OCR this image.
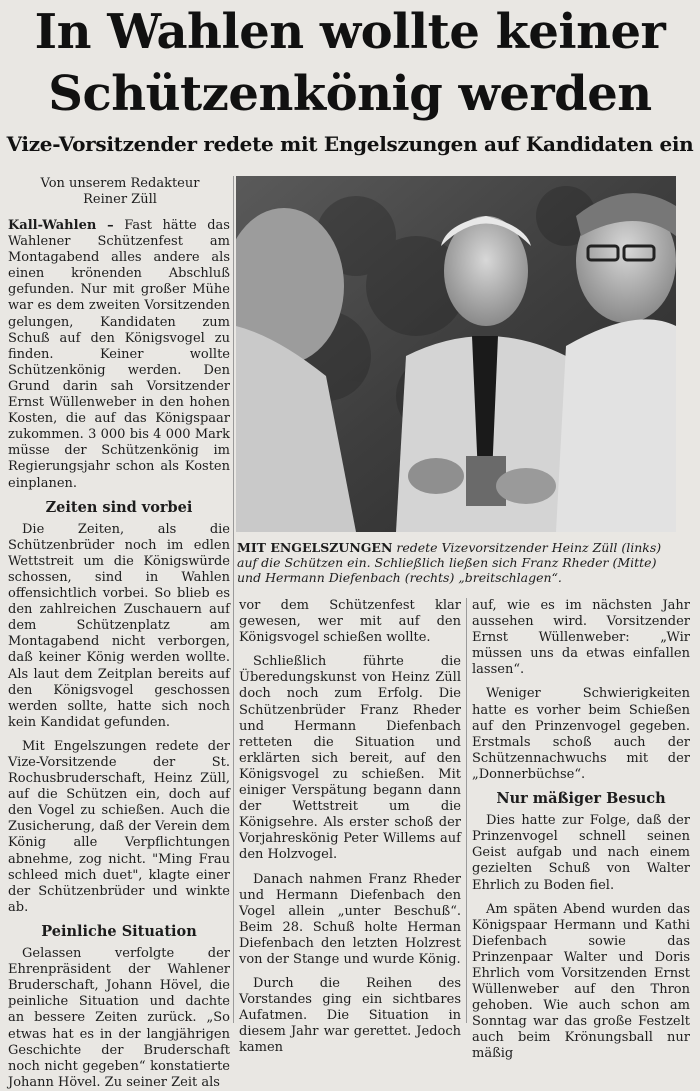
In Wahlen wollte keiner
Schützenkönig werden
Vize-Vorsitzender redete mit Engelszungen auf Kandidaten ein
Von unserem Redakteur
Reiner Züll
MIT ENGELSZUNGEN redete Vizevorsitzender Heinz Züll (links) auf die Schützen ein. Schließlich ließen sich Franz Rheder (Mitte) und Hermann Diefenbach (rechts) „breitschlagen“.

Kall-Wahlen – Fast hätte das Wahlener Schützenfest am Montagabend alles andere als einen krönenden Abschluß gefunden. Nur mit großer Mühe war es dem zweiten Vorsitzenden gelungen, Kandidaten zum Schuß auf den Königsvogel zu finden. Keiner wollte Schützenkönig werden. Den Grund darin sah Vorsitzender Ernst Wüllenweber in den hohen Kosten, die auf das Königspaar zukommen. 3 000 bis 4 000 Mark müsse der Schützenkönig im Regierungsjahr schon als Kosten einplanen.

Zeiten sind vorbei

Die Zeiten, als die Schützenbrüder noch im edlen Wettstreit um die Königswürde schossen, sind in Wahlen offensichtlich vorbei. So blieb es den zahlreichen Zuschauern auf dem Schützenplatz am Montagabend nicht verborgen, daß keiner König werden wollte. Als laut dem Zeitplan bereits auf den Königsvogel geschossen werden sollte, hatte sich noch kein Kandidat gefunden.

Mit Engelszungen redete der Vize-Vorsitzende der St. Rochusbruderschaft, Heinz Züll, auf die Schützen ein, doch auf den Vogel zu schießen. Auch die Zusicherung, daß der Verein dem König alle Verpflichtungen abnehme, zog nicht. "Ming Frau schleed mich duet", klagte einer der Schützenbrüder und winkte ab.

Peinliche Situation

Gelassen verfolgte der Ehrenpräsident der Wahlener Bruderschaft, Johann Hövel, die peinliche Situation und dachte an bessere Zeiten zurück. „So etwas hat es in der langjährigen Geschichte der Bruderschaft noch nicht gegeben“ konstatierte Johann Hövel. Zu seiner Zeit als

vor dem Schützenfest klar gewesen, wer mit auf den Königsvogel schießen wollte.

Schließlich führte die Überedungskunst von Heinz Züll doch noch zum Erfolg. Die Schützenbrüder Franz Rheder und Hermann Diefenbach retteten die Situation und erklärten sich bereit, auf den Königsvogel zu schießen. Mit einiger Verspätung begann dann der Wettstreit um die Königsehre. Als erster schoß der Vorjahreskönig Peter Willems auf den Holzvogel.

Danach nahmen Franz Rheder und Hermann Diefenbach den Vogel allein „unter Beschuß“. Beim 28. Schuß holte Herman Diefenbach den letzten Holzrest von der Stange und wurde König.

Durch die Reihen des Vorstandes ging ein sichtbares Aufatmen. Die Situation in diesem Jahr war gerettet. Jedoch kamen

auf, wie es im nächsten Jahr aussehen wird. Vorsitzender Ernst Wüllenweber: „Wir müssen uns da etwas einfallen lassen“.

Weniger Schwierigkeiten hatte es vorher beim Schießen auf den Prinzenvogel gegeben. Erstmals schoß auch der Schützennachwuchs mit der „Donnerbüchse“.

Nur mäßiger Besuch

Dies hatte zur Folge, daß der Prinzenvogel schnell seinen Geist aufgab und nach einem gezielten Schuß von Walter Ehrlich zu Boden fiel.

Am späten Abend wurden das Königspaar Hermann und Kathi Diefenbach sowie das Prinzenpaar Walter und Doris Ehrlich vom Vorsitzenden Ernst Wüllenweber auf den Thron gehoben. Wie auch schon am Sonntag war das große Festzelt auch beim Krönungsball nur mäßig
